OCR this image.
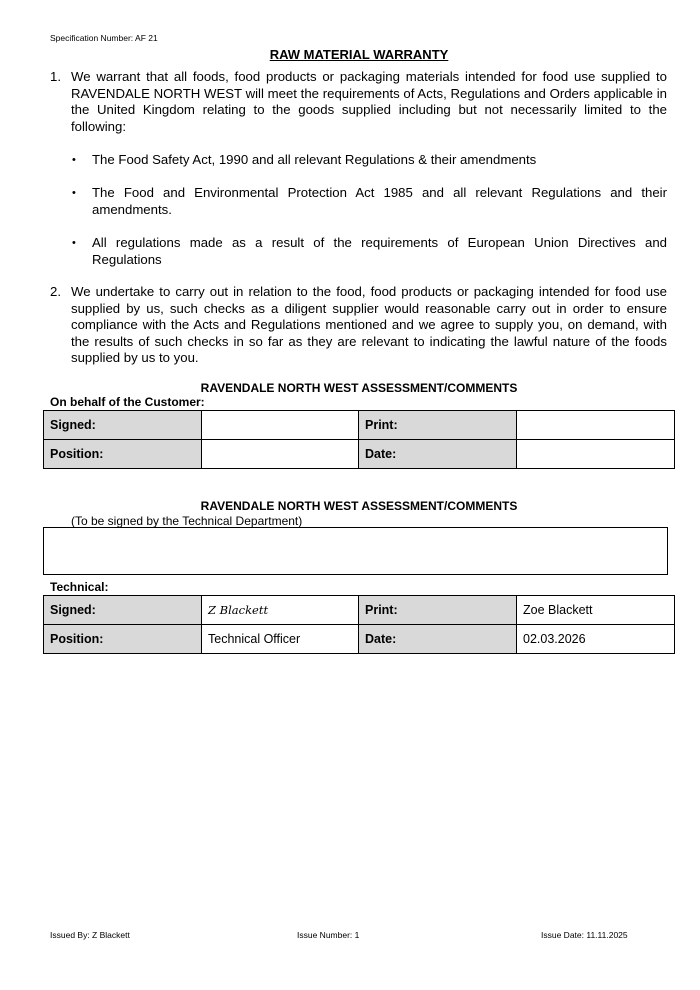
Specification Number: AF 21
RAW MATERIAL WARRANTY
1. We warrant that all foods, food products or packaging materials intended for food use supplied to RAVENDALE NORTH WEST will meet the requirements of Acts, Regulations and Orders applicable in the United Kingdom relating to the goods supplied including but not necessarily limited to the following:
• The Food Safety Act, 1990 and all relevant Regulations & their amendments
• The Food and Environmental Protection Act 1985 and all relevant Regulations and their amendments.
• All regulations made as a result of the requirements of European Union Directives and Regulations
2. We undertake to carry out in relation to the food, food products or packaging intended for food use supplied by us, such checks as a diligent supplier would reasonable carry out in order to ensure compliance with the Acts and Regulations mentioned and we agree to supply you, on demand, with the results of such checks in so far as they are relevant to indicating the lawful nature of the foods supplied by us to you.
RAVENDALE NORTH WEST ASSESSMENT/COMMENTS
On behalf of the Customer:
Signed:		Print:	
Position:		Date:	
RAVENDALE NORTH WEST ASSESSMENT/COMMENTS
(To be signed by the Technical Department)
Technical:
Signed:	Z Blackett	Print:	Zoe Blackett
Position:	Technical Officer	Date:	02.03.2026
Issued By: Z Blackett	Issue Number: 1	Issue Date: 11.11.2025
